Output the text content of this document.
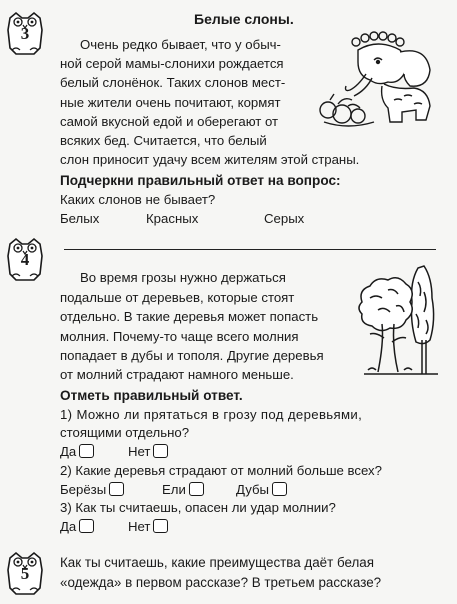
3
Белые слоны.
Очень редко бывает, что у обыч-
ной серой мамы-слонихи рождается
белый слонёнок. Таких слонов мест-
ные жители очень почитают, кормят
самой вкусной едой и оберегают от
всяких бед. Считается, что белый
слон приносит удачу всем жителям этой страны.
Подчеркни правильный ответ на вопрос:
Каких слонов не бывает?
Белых	Красных	Серых
4
Во время грозы нужно держаться
подальше от деревьев, которые стоят
отдельно. В такие деревья может попасть
молния. Почему-то чаще всего молния
попадает в дубы и тополя. Другие деревья
от молний страдают намного меньше.
Отметь правильный ответ.
1) Можно ли прятаться в грозу под деревьями,
стоящими отдельно?
Да	Нет
2) Какие деревья страдают от молний больше всех?
Берёзы	Ели	Дубы
3) Как ты считаешь, опасен ли удар молнии?
Да	Нет
5
Как ты считаешь, какие преимущества даёт белая
«одежда» в первом рассказе? В третьем рассказе?
